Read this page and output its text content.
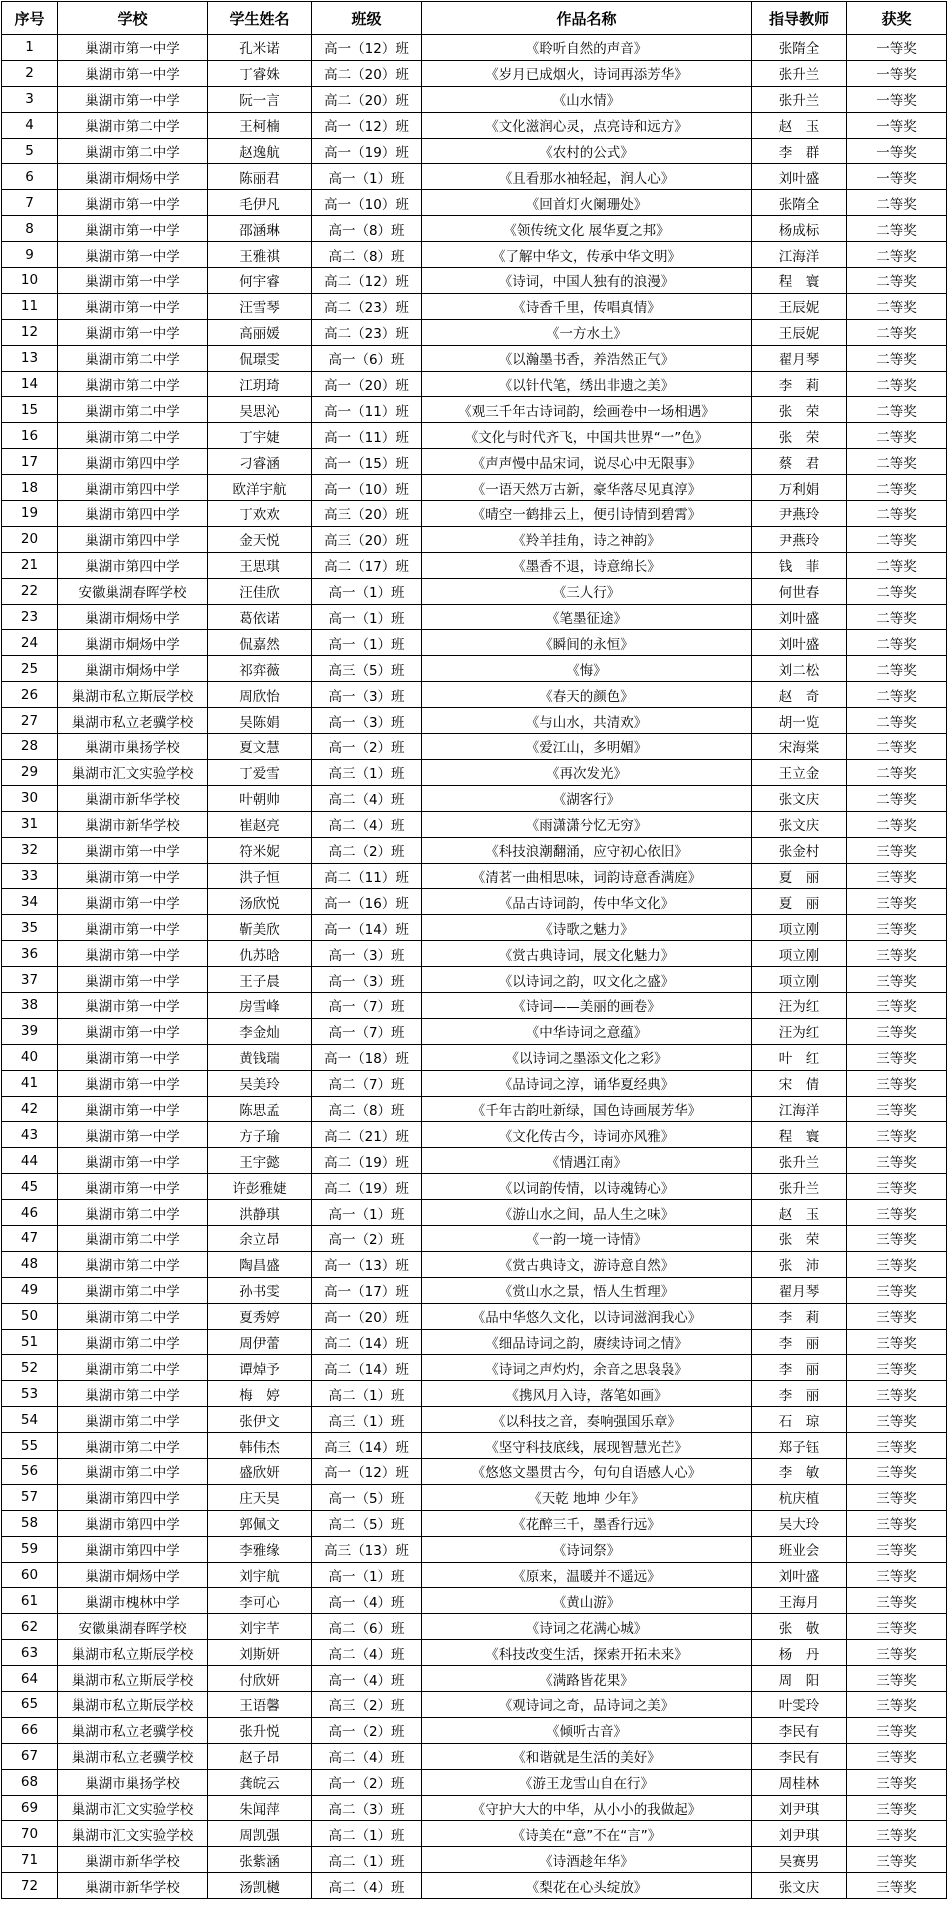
序号	学校	学生姓名	班级	作品名称	指导教师	获奖
1	巢湖市第一中学	孔米诺	高一（12）班	《聆听自然的声音》	张隋全	一等奖
2	巢湖市第一中学	丁睿姝	高二（20）班	《岁月已成烟火，诗词再添芳华》	张升兰	一等奖
3	巢湖市第一中学	阮一言	高二（20）班	《山水情》	张升兰	一等奖
4	巢湖市第二中学	王柯楠	高一（12）班	《文化滋润心灵，点亮诗和远方》	赵　玉	一等奖
5	巢湖市第二中学	赵逸航	高一（19）班	《农村的公式》	李　群	一等奖
6	巢湖市烔炀中学	陈丽君	高一（1）班	《且看那水袖轻起，润人心》	刘叶盛	一等奖
7	巢湖市第一中学	毛伊凡	高一（10）班	《回首灯火阑珊处》	张隋全	二等奖
8	巢湖市第一中学	邵涵琳	高一（8）班	《领传统文化 展华夏之邦》	杨成标	二等奖
9	巢湖市第一中学	王雅祺	高二（8）班	《了解中华文，传承中华文明》	江海洋	二等奖
10	巢湖市第一中学	何宇睿	高二（12）班	《诗词，中国人独有的浪漫》	程　寰	二等奖
11	巢湖市第一中学	汪雪琴	高二（23）班	《诗香千里，传唱真情》	王辰妮	二等奖
12	巢湖市第一中学	高丽媛	高二（23）班	《一方水土》	王辰妮	二等奖
13	巢湖市第二中学	侃璟雯	高一（6）班	《以瀚墨书香，养浩然正气》	翟月琴	二等奖
14	巢湖市第二中学	江玥琦	高一（20）班	《以针代笔，绣出非遗之美》	李　莉	二等奖
15	巢湖市第二中学	吴思沁	高一（11）班	《观三千年古诗词韵，绘画卷中一场相遇》	张　荣	二等奖
16	巢湖市第二中学	丁宇婕	高一（11）班	《文化与时代齐飞，中国共世界“一”色》	张　荣	二等奖
17	巢湖市第四中学	刁睿涵	高一（15）班	《声声慢中品宋词，说尽心中无限事》	蔡　君	二等奖
18	巢湖市第四中学	欧洋宇航	高一（10）班	《一语天然万古新，豪华落尽见真淳》	万利娟	二等奖
19	巢湖市第四中学	丁欢欢	高三（20）班	《晴空一鹤排云上，便引诗情到碧霄》	尹燕玲	二等奖
20	巢湖市第四中学	金天悦	高三（20）班	《羚羊挂角，诗之神韵》	尹燕玲	二等奖
21	巢湖市第四中学	王思琪	高二（17）班	《墨香不退，诗意绵长》	钱　菲	二等奖
22	安徽巢湖春晖学校	汪佳欣	高一（1）班	《三人行》	何世春	二等奖
23	巢湖市烔炀中学	葛依诺	高一（1）班	《笔墨征途》	刘叶盛	二等奖
24	巢湖市烔炀中学	侃嘉然	高一（1）班	《瞬间的永恒》	刘叶盛	二等奖
25	巢湖市烔炀中学	祁弈薇	高三（5）班	《悔》	刘二松	二等奖
26	巢湖市私立斯辰学校	周欣怡	高一（3）班	《春天的颜色》	赵　奇	二等奖
27	巢湖市私立老骥学校	吴陈娟	高一（3）班	《与山水，共清欢》	胡一览	二等奖
28	巢湖市巢扬学校	夏文慧	高一（2）班	《爱江山，多明媚》	宋海棠	二等奖
29	巢湖市汇文实验学校	丁爱雪	高三（1）班	《再次发光》	王立金	二等奖
30	巢湖市新华学校	叶朝帅	高二（4）班	《湖客行》	张文庆	二等奖
31	巢湖市新华学校	崔赵亮	高二（4）班	《雨潇潇兮忆无穷》	张文庆	二等奖
32	巢湖市第一中学	符米妮	高二（2）班	《科技浪潮翻涌，应守初心依旧》	张金村	三等奖
33	巢湖市第一中学	洪子恒	高二（11）班	《清茗一曲相思味，词韵诗意香满庭》	夏　丽	三等奖
34	巢湖市第一中学	汤欣悦	高一（16）班	《品古诗词韵，传中华文化》	夏　丽	三等奖
35	巢湖市第一中学	靳美欣	高一（14）班	《诗歌之魅力》	项立刚	三等奖
36	巢湖市第一中学	仇苏晗	高一（3）班	《赏古典诗词，展文化魅力》	项立刚	三等奖
37	巢湖市第一中学	王子晨	高一（3）班	《以诗词之韵，叹文化之盛》	项立刚	三等奖
38	巢湖市第一中学	房雪峰	高一（7）班	《诗词——美丽的画卷》	汪为红	三等奖
39	巢湖市第一中学	李金灿	高一（7）班	《中华诗词之意蕴》	汪为红	三等奖
40	巢湖市第一中学	黄钱瑞	高一（18）班	《以诗词之墨添文化之彩》	叶　红	三等奖
41	巢湖市第一中学	吴美玲	高二（7）班	《品诗词之淳，诵华夏经典》	宋　倩	三等奖
42	巢湖市第一中学	陈思孟	高二（8）班	《千年古韵吐新绿，国色诗画展芳华》	江海洋	三等奖
43	巢湖市第一中学	方子瑜	高二（21）班	《文化传古今，诗词亦风雅》	程　寰	三等奖
44	巢湖市第一中学	王宇懿	高二（19）班	《情遇江南》	张升兰	三等奖
45	巢湖市第一中学	许彭雅婕	高二（19）班	《以词韵传情，以诗魂铸心》	张升兰	三等奖
46	巢湖市第二中学	洪静琪	高一（1）班	《游山水之间，品人生之味》	赵　玉	三等奖
47	巢湖市第二中学	余立昂	高一（2）班	《一韵一境一诗情》	张　荣	三等奖
48	巢湖市第二中学	陶昌盛	高一（13）班	《赏古典诗文，游诗意自然》	张　沛	三等奖
49	巢湖市第二中学	孙书雯	高一（17）班	《赏山水之景，悟人生哲理》	翟月琴	三等奖
50	巢湖市第二中学	夏秀婷	高一（20）班	《品中华悠久文化，以诗词滋润我心》	李　莉	三等奖
51	巢湖市第二中学	周伊蕾	高二（14）班	《细品诗词之韵，赓续诗词之情》	李　丽	三等奖
52	巢湖市第二中学	谭焯予	高二（14）班	《诗词之声灼灼，余音之思袅袅》	李　丽	三等奖
53	巢湖市第二中学	梅　婷	高二（1）班	《携风月入诗，落笔如画》	李　丽	三等奖
54	巢湖市第二中学	张伊文	高三（1）班	《以科技之音，奏响强国乐章》	石　琼	三等奖
55	巢湖市第二中学	韩伟杰	高三（14）班	《坚守科技底线，展现智慧光芒》	郑子钰	三等奖
56	巢湖市第二中学	盛欣妍	高一（12）班	《悠悠文墨贯古今，句句自语感人心》	李　敏	三等奖
57	巢湖市第四中学	庄天昊	高一（5）班	《天乾 地坤 少年》	杭庆植	三等奖
58	巢湖市第四中学	郭佩文	高二（5）班	《花醉三千，墨香行远》	吴大玲	三等奖
59	巢湖市第四中学	李雅缘	高三（13）班	《诗词祭》	班业会	三等奖
60	巢湖市烔炀中学	刘宇航	高一（1）班	《原来，温暖并不遥远》	刘叶盛	三等奖
61	巢湖市槐林中学	李可心	高一（4）班	《黄山游》	王海月	三等奖
62	安徽巢湖春晖学校	刘宇芊	高二（6）班	《诗词之花满心城》	张　敬	三等奖
63	巢湖市私立斯辰学校	刘斯妍	高二（4）班	《科技改变生活，探索开拓未来》	杨　丹	三等奖
64	巢湖市私立斯辰学校	付欣妍	高一（4）班	《满路皆花果》	周　阳	三等奖
65	巢湖市私立斯辰学校	王语馨	高三（2）班	《观诗词之奇，品诗词之美》	叶雯玲	三等奖
66	巢湖市私立老骥学校	张升悦	高一（2）班	《倾听古音》	李民有	三等奖
67	巢湖市私立老骥学校	赵子昂	高二（4）班	《和谐就是生活的美好》	李民有	三等奖
68	巢湖市巢扬学校	龚皖云	高一（2）班	《游王龙雪山自在行》	周桂林	三等奖
69	巢湖市汇文实验学校	朱闻萍	高二（3）班	《守护大大的中华，从小小的我做起》	刘尹琪	三等奖
70	巢湖市汇文实验学校	周凯强	高二（1）班	《诗美在“意”不在“言”》	刘尹琪	三等奖
71	巢湖市新华学校	张紫涵	高二（1）班	《诗酒趁年华》	吴赛男	三等奖
72	巢湖市新华学校	汤凯樾	高二（4）班	《梨花在心头绽放》	张文庆	三等奖
